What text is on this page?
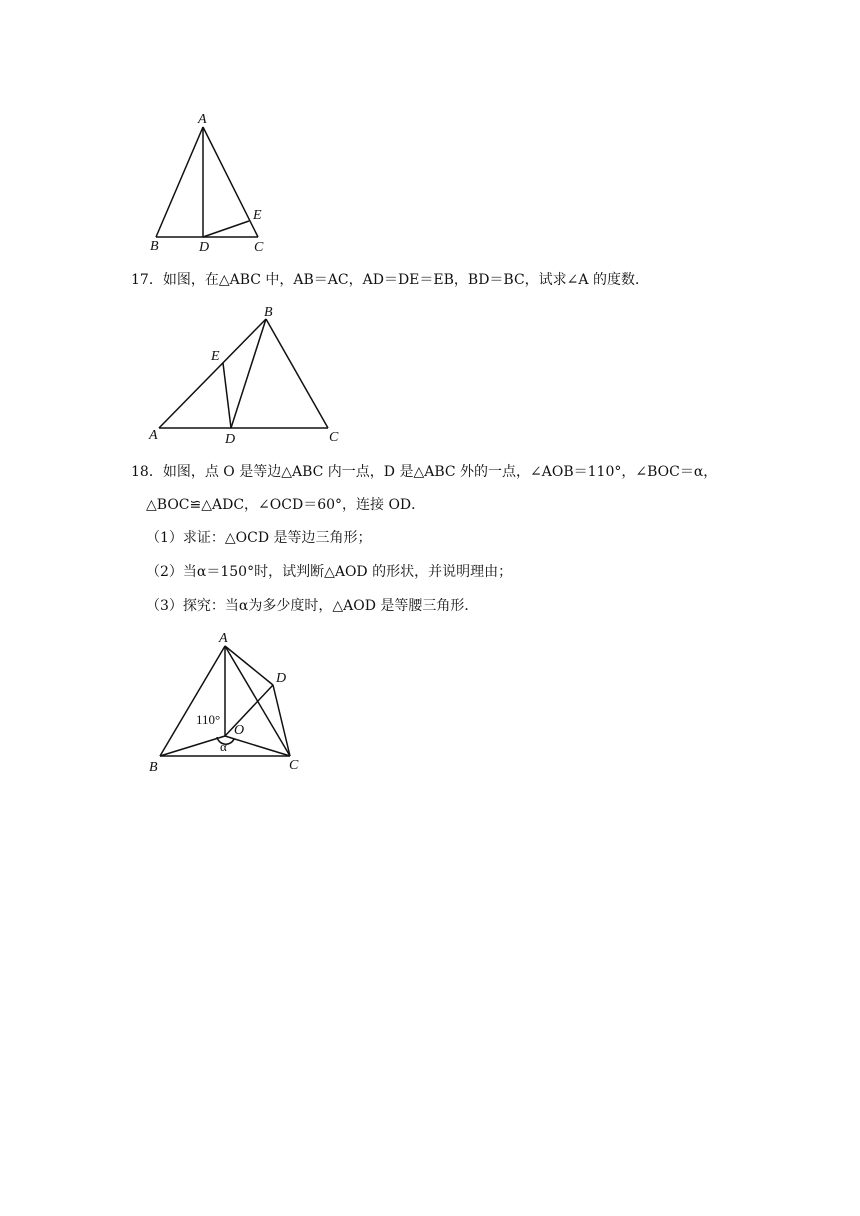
A
B	D	C
E
17．如图，在△ABC 中，AB＝AC，AD＝DE＝EB，BD＝BC，试求∠A 的度数．
B
E
A	D	C
18．如图，点 O 是等边△ABC 内一点，D 是△ABC 外的一点，∠AOB＝110°，∠BOC＝α，
△BOC≌△ADC，∠OCD＝60°，连接 OD．
（1）求证：△OCD 是等边三角形；
（2）当α＝150°时，试判断△AOD 的形状，并说明理由；
（3）探究：当α为多少度时，△AOD 是等腰三角形．
A
D
O
110°
α
B	C
